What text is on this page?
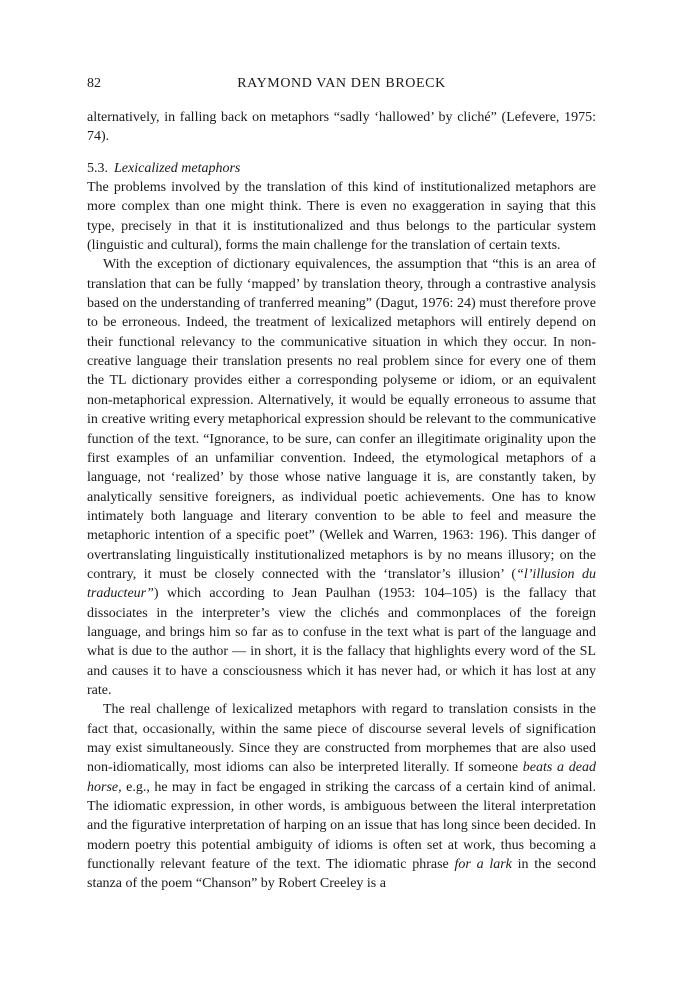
82	RAYMOND VAN DEN BROECK

alternatively, in falling back on metaphors “sadly ‘hallowed’ by cliché” (Lefevere, 1975: 74).

5.3. Lexicalized metaphors

The problems involved by the translation of this kind of institutionalized metaphors are more complex than one might think. There is even no exaggeration in saying that this type, precisely in that it is institutionalized and thus belongs to the particular system (linguistic and cultural), forms the main challenge for the translation of certain texts.

With the exception of dictionary equivalences, the assumption that “this is an area of translation that can be fully ‘mapped’ by translation theory, through a contrastive analysis based on the understanding of tranferred meaning” (Dagut, 1976: 24) must therefore prove to be erroneous. Indeed, the treatment of lexicalized metaphors will entirely depend on their functional relevancy to the communicative situation in which they occur. In non-creative language their translation presents no real problem since for every one of them the TL dictionary provides either a corresponding polyseme or idiom, or an equivalent non-metaphorical expression. Alternatively, it would be equally erroneous to assume that in creative writing every metaphorical expression should be relevant to the communicative function of the text. “Ignorance, to be sure, can confer an illegitimate originality upon the first examples of an unfamiliar convention. Indeed, the etymological metaphors of a language, not ‘realized’ by those whose native language it is, are constantly taken, by analytically sensitive foreigners, as individual poetic achievements. One has to know intimately both language and literary convention to be able to feel and measure the metaphoric intention of a specific poet” (Wellek and Warren, 1963: 196). This danger of overtranslating linguistically institutionalized metaphors is by no means illusory; on the contrary, it must be closely connected with the ‘translator’s illusion’ (“l’illusion du traducteur”) which according to Jean Paulhan (1953: 104–105) is the fallacy that dissociates in the interpreter’s view the clichés and commonplaces of the foreign language, and brings him so far as to confuse in the text what is part of the language and what is due to the author — in short, it is the fallacy that highlights every word of the SL and causes it to have a consciousness which it has never had, or which it has lost at any rate.

The real challenge of lexicalized metaphors with regard to translation consists in the fact that, occasionally, within the same piece of discourse several levels of signification may exist simultaneously. Since they are constructed from morphemes that are also used non-idiomatically, most idioms can also be interpreted literally. If someone beats a dead horse, e.g., he may in fact be engaged in striking the carcass of a certain kind of animal. The idiomatic expression, in other words, is ambiguous between the literal interpretation and the figurative interpretation of harping on an issue that has long since been decided. In modern poetry this potential ambiguity of idioms is often set at work, thus becoming a functionally relevant feature of the text. The idiomatic phrase for a lark in the second stanza of the poem “Chanson” by Robert Creeley is a
